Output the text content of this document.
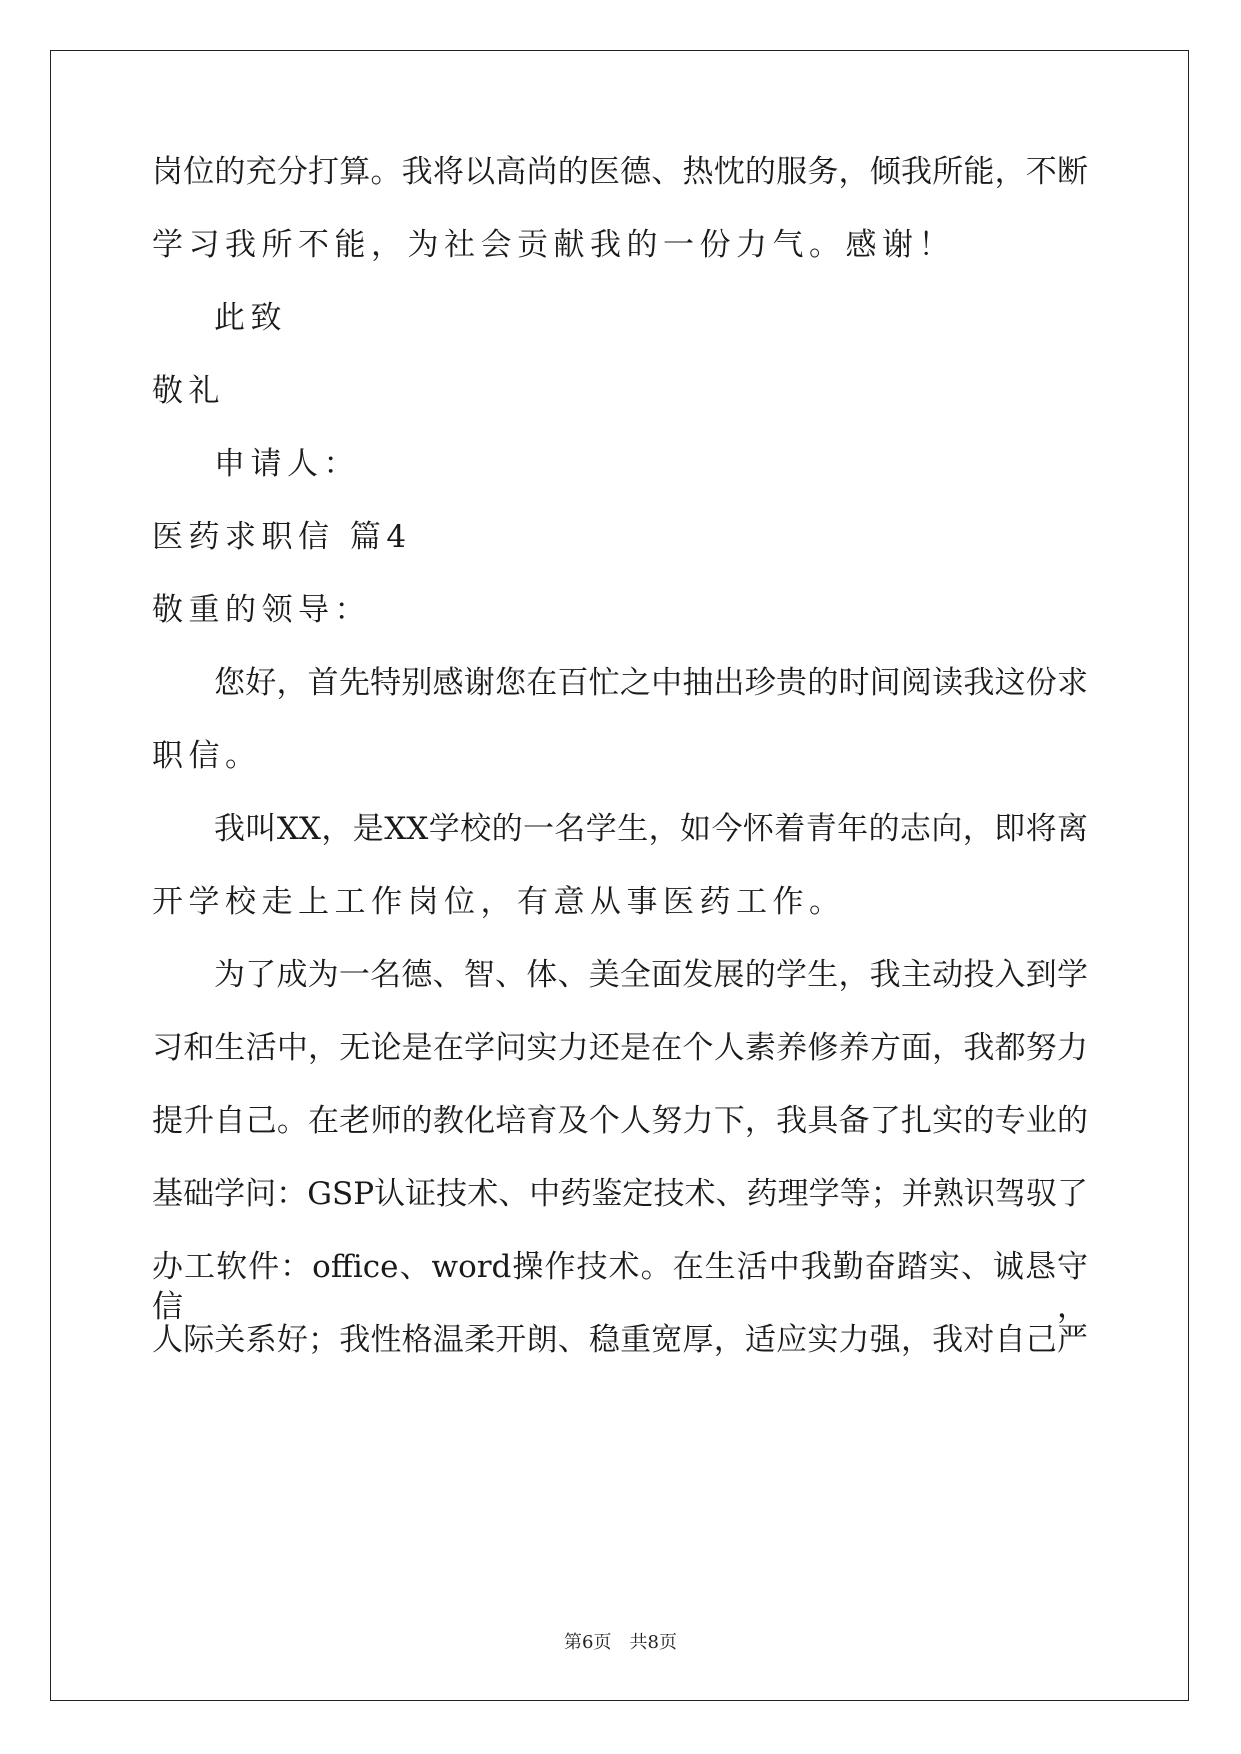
岗位的充分打算。我将以高尚的医德、热忱的服务，倾我所能，不断
学习我所不能，为社会贡献我的一份力气。感谢！
此致
敬礼
申请人：
医药求职信 篇4
敬重的领导：
您好，首先特别感谢您在百忙之中抽出珍贵的时间阅读我这份求
职信。
我叫XX，是XX学校的一名学生，如今怀着青年的志向，即将离
开学校走上工作岗位，有意从事医药工作。
为了成为一名德、智、体、美全面发展的学生，我主动投入到学
习和生活中，无论是在学问实力还是在个人素养修养方面，我都努力
提升自己。在老师的教化培育及个人努力下，我具备了扎实的专业的
基础学问：GSP认证技术、中药鉴定技术、药理学等；并熟识驾驭了
办工软件：office、word操作技术。在生活中我勤奋踏实、诚恳守信，
人际关系好；我性格温柔开朗、稳重宽厚，适应实力强，我对自己严
第6页　共8页
